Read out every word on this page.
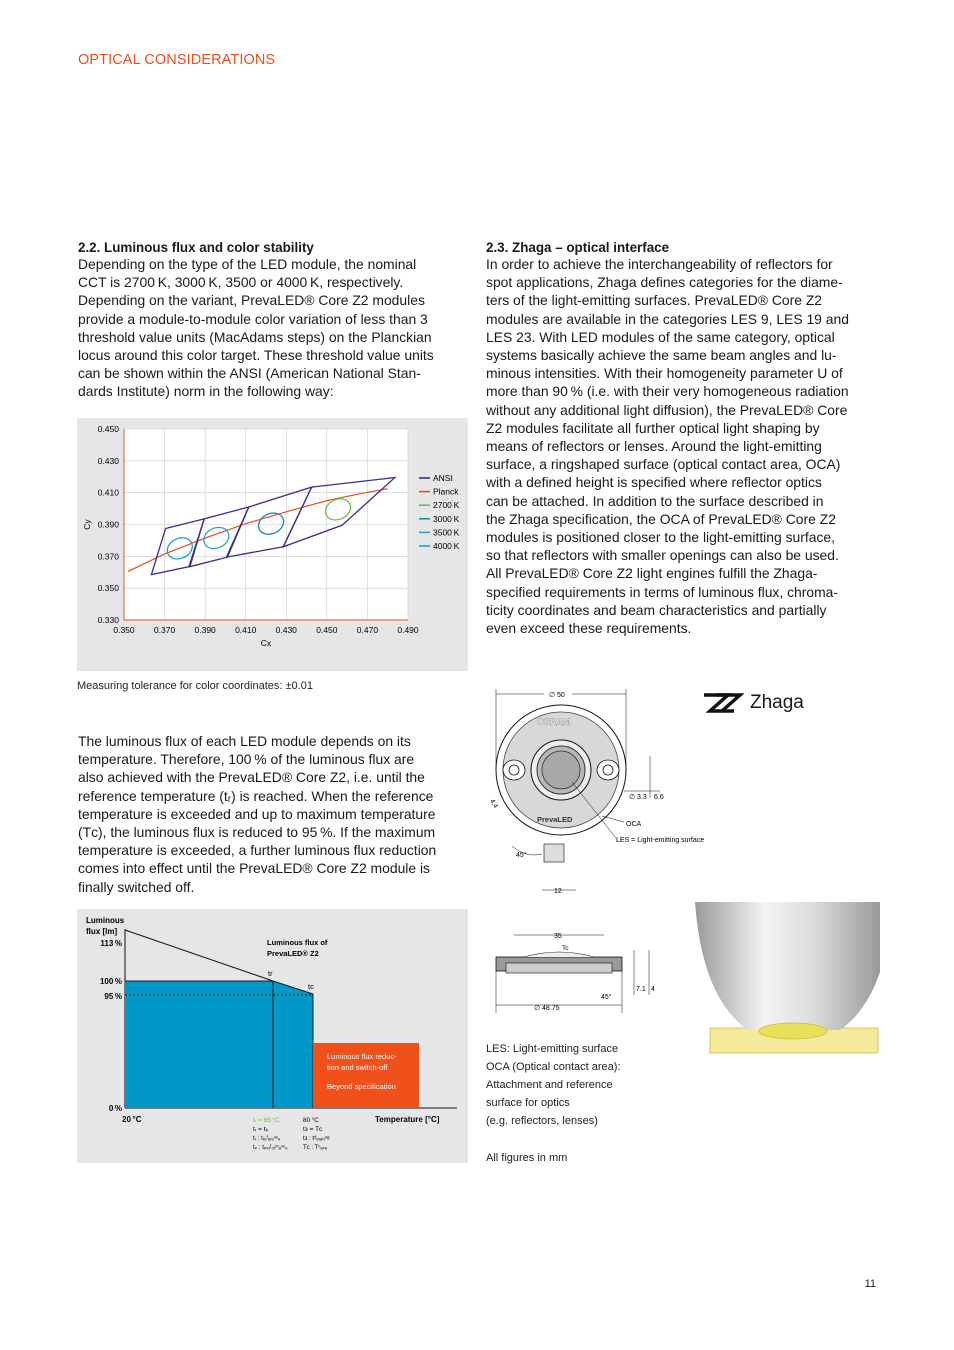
OPTICAL CONSIDERATIONS
2.2. Luminous flux and color stability
Depending on the type of the LED module, the nominal
CCT is 2700 K, 3000 K, 3500 or 4000 K, respectively.
Depending on the variant, PrevaLED® Core Z2 modules
provide a module-to-module color variation of less than 3
threshold value units (MacAdams steps) on the Planckian
locus around this color target. These threshold value units
can be shown within the ANSI (American National Stan-
dards Institute) norm in the following way:
0.350 0.370 0.390 0.410 0.430 0.450 0.470 0.490
0.450
0.430
0.410
0.390
0.370
0.350
0.330
Cx
Cy
ANSI
Planck
2700 K
3000 K
3500 K
4000 K
Measuring tolerance for color coordinates: ±0.01
The luminous flux of each LED module depends on its
temperature. Therefore, 100 % of the luminous flux are
also achieved with the PrevaLED® Core Z2, i.e. until the
reference temperature (tᵣ) is reached. When the reference
temperature is exceeded and up to maximum temperature
(Tᴄ), the luminous flux is reduced to 95 %. If the maximum
temperature is exceeded, a further luminous flux reduction
comes into effect until the PrevaLED® Core Z2 module is
finally switched off.
Luminous
flux [lm]
113 %
100 %
95 %
0 %
Luminous flux reduc-
tion and switch-off
Beyond specification
Luminous flux of
PrevaLED® Z2
tr
tc
20 °C	Temperature [°C]
tᵣ = 65 °C
tᵣ = tₚ
tᵣ : tᵣₑᶠₑᵣₑⁿᶜₑ
tₚ : tₚₑᵣᶠₒᵣᵐₐⁿᶜₑ
80 °C
tᴈ = Tᴄ
tᴈ : tᵈₑᵣₐₜᵢⁿᵍ
Tᴄ : Tᶜₐₛₑ
2.3. Zhaga – optical interface
In order to achieve the interchangeability of reflectors for
spot applications, Zhaga defines categories for the diame-
ters of the light-emitting surfaces. PrevaLED® Core Z2
modules are available in the categories LES 9, LES 19 and
LES 23. With LED modules of the same category, optical
systems basically achieve the same beam angles and lu-
minous intensities. With their homogeneity parameter U of
more than 90 % (i.e. with their very homogeneous radiation
without any additional light diffusion), the PrevaLED® Core
Z2 modules facilitate all further optical light shaping by
means of reflectors or lenses. Around the light-emitting
surface, a ringshaped surface (optical contact area, OCA)
with a defined height is specified where reflector optics
can be attached. In addition to the surface described in
the Zhaga specification, the OCA of PrevaLED® Core Z2
modules is positioned closer to the light-emitting surface,
so that reflectors with smaller openings can also be used.
All PrevaLED® Core Z2 light engines fulfill the Zhaga-
specified requirements in terms of luminous flux, chroma-
ticity coordinates and beam characteristics and partially
even exceed these requirements.
∅ 50
OSRAM
PrevaLED
∅ 3.3 6.6
4.4
OCA
LES = Light-emitting surface
45°
12
Zhaga
35
Tc
∅ 48.75
45°
7.1 4
LES: Light-emitting surface
OCA (Optical contact area):
Attachment and reference
surface for optics
(e.g. reflectors, lenses)
All figures in mm
11
